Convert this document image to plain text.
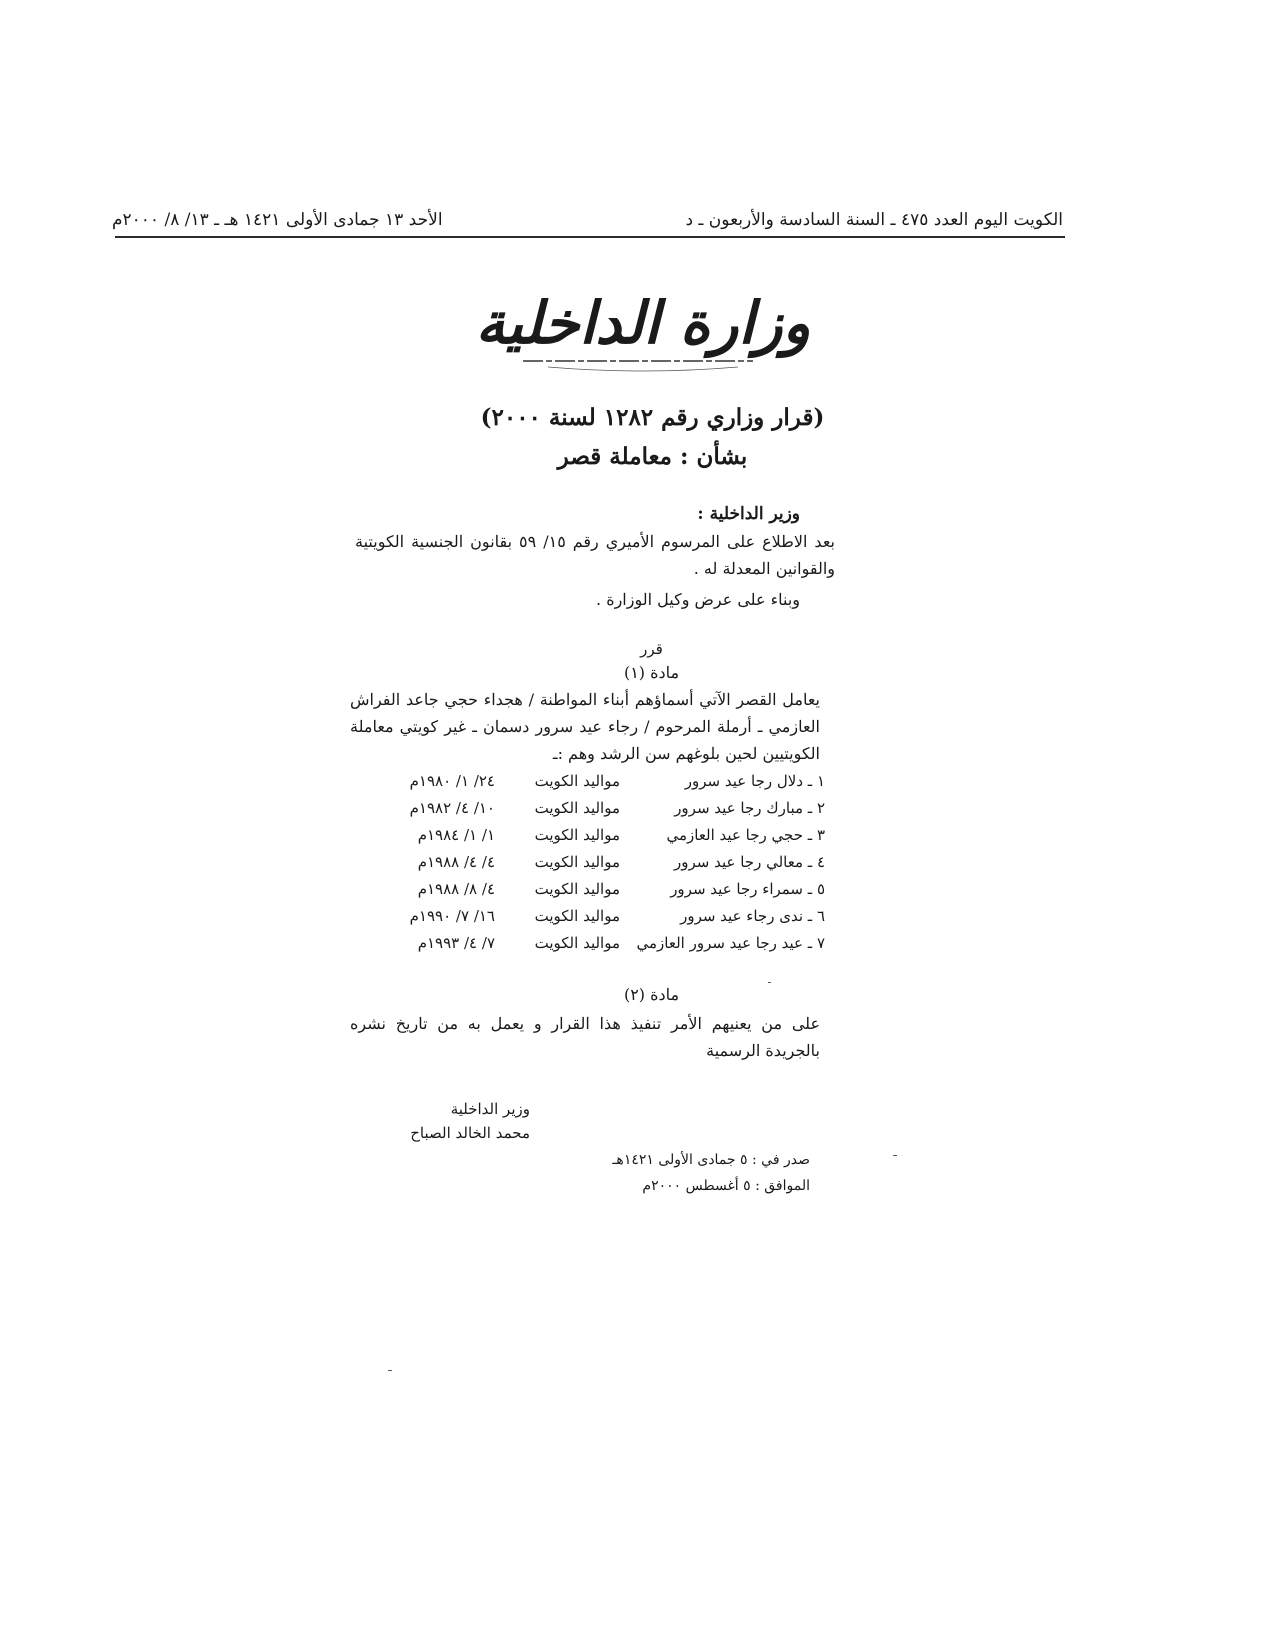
الكويت اليوم العدد ٤٧٥ ـ السنة السادسة والأربعون ـ د
الأحد ١٣ جمادى الأولى ١٤٢١ هـ ـ ١٣/ ٨/ ٢٠٠٠م
وزارة الداخلية
(قرار وزاري رقم ١٢٨٢ لسنة ٢٠٠٠)
بشأن : معاملة قصر
وزير الداخلية :
بعد الاطلاع على المرسوم الأميري رقم ١٥/ ٥٩ بقانون الجنسية الكويتية والقوانين المعدلة له .
وبناء على عرض وكيل الوزارة .
قرر
مادة (١)
يعامل القصر الآتي أسماؤهم أبناء المواطنة / هجداء حجي جاعد الفراش العازمي ـ أرملة المرحوم / رجاء عيد سرور دسمان ـ غير كويتي معاملة الكويتيين لحين بلوغهم سن الرشد وهم :ـ
١ ـ دلال رجا عيد سرور
مواليد الكويت
٢٤/ ١/ ١٩٨٠م
٢ ـ مبارك رجا عيد سرور
مواليد الكويت
١٠/ ٤/ ١٩٨٢م
٣ ـ حجي رجا عيد العازمي
مواليد الكويت
١/ ١/ ١٩٨٤م
٤ ـ معالي رجا عيد سرور
مواليد الكويت
٤/ ٤/ ١٩٨٨م
٥ ـ سمراء رجا عيد سرور
مواليد الكويت
٤/ ٨/ ١٩٨٨م
٦ ـ ندى رجاء عيد سرور
مواليد الكويت
١٦/ ٧/ ١٩٩٠م
٧ ـ عيد رجا عيد سرور العازمي
مواليد الكويت
٧/ ٤/ ١٩٩٣م
مادة (٢)
على من يعنيهم الأمر تنفيذ هذا القرار و يعمل به من تاريخ نشره بالجريدة الرسمية
وزير الداخلية
محمد الخالد الصباح
صدر في : ٥ جمادى الأولى ١٤٢١هـ
الموافق : ٥ أغسطس ٢٠٠٠م
